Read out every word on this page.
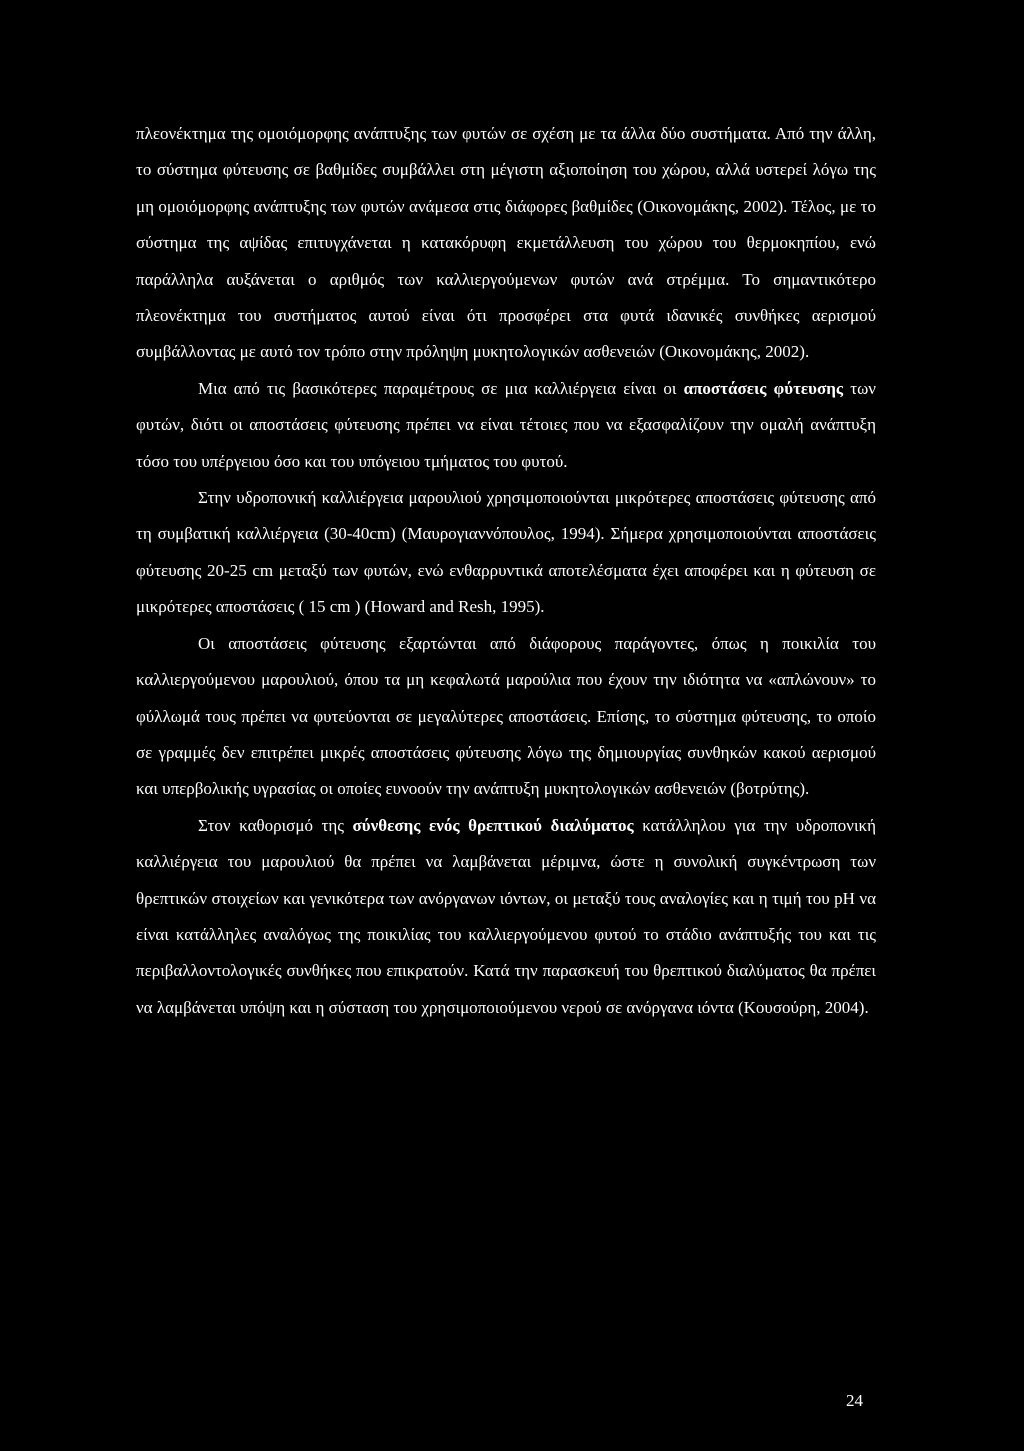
πλεονέκτημα της ομοιόμορφης ανάπτυξης των φυτών σε σχέση με τα άλλα δύο συστήματα. Από την άλλη, το σύστημα φύτευσης σε βαθμίδες συμβάλλει στη μέγιστη αξιοποίηση του χώρου, αλλά υστερεί λόγω της μη ομοιόμορφης ανάπτυξης των φυτών ανάμεσα στις διάφορες βαθμίδες (Οικονομάκης, 2002). Τέλος, με το σύστημα της αψίδας επιτυγχάνεται η κατακόρυφη εκμετάλλευση του χώρου του θερμοκηπίου, ενώ παράλληλα αυξάνεται ο αριθμός των καλλιεργούμενων φυτών ανά στρέμμα. Το σημαντικότερο πλεονέκτημα του συστήματος αυτού είναι ότι προσφέρει στα φυτά ιδανικές συνθήκες αερισμού συμβάλλοντας με αυτό τον τρόπο στην πρόληψη μυκητολογικών ασθενειών (Οικονομάκης, 2002).

Μια από τις βασικότερες παραμέτρους σε μια καλλιέργεια είναι οι αποστάσεις φύτευσης των φυτών, διότι οι αποστάσεις φύτευσης πρέπει να είναι τέτοιες που να εξασφαλίζουν την ομαλή ανάπτυξη τόσο του υπέργειου όσο και του υπόγειου τμήματος του φυτού.

Στην υδροπονική καλλιέργεια μαρουλιού χρησιμοποιούνται μικρότερες αποστάσεις φύτευσης από τη συμβατική καλλιέργεια (30-40cm) (Μαυρογιαννόπουλος, 1994). Σήμερα χρησιμοποιούνται αποστάσεις φύτευσης 20-25 cm μεταξύ των φυτών, ενώ ενθαρρυντικά αποτελέσματα έχει αποφέρει και η φύτευση σε μικρότερες αποστάσεις ( 15 cm ) (Howard and Resh, 1995).

Οι αποστάσεις φύτευσης εξαρτώνται από διάφορους παράγοντες, όπως η ποικιλία του καλλιεργούμενου μαρουλιού, όπου τα μη κεφαλωτά μαρούλια που έχουν την ιδιότητα να «απλώνουν» το φύλλωμά τους πρέπει να φυτεύονται σε μεγαλύτερες αποστάσεις. Επίσης, το σύστημα φύτευσης, το οποίο σε γραμμές δεν επιτρέπει μικρές αποστάσεις φύτευσης λόγω της δημιουργίας συνθηκών κακού αερισμού και υπερβολικής υγρασίας οι οποίες ευνοούν την ανάπτυξη μυκητολογικών ασθενειών (βοτρύτης).

Στον καθορισμό της σύνθεσης ενός θρεπτικού διαλύματος κατάλληλου για την υδροπονική καλλιέργεια του μαρουλιού θα πρέπει να λαμβάνεται μέριμνα, ώστε η συνολική συγκέντρωση των θρεπτικών στοιχείων και γενικότερα των ανόργανων ιόντων, οι μεταξύ τους αναλογίες και η τιμή του pH να είναι κατάλληλες αναλόγως της ποικιλίας του καλλιεργούμενου φυτού το στάδιο ανάπτυξής του και τις περιβαλλοντολογικές συνθήκες που επικρατούν. Κατά την παρασκευή του θρεπτικού διαλύματος θα πρέπει να λαμβάνεται υπόψη και η σύσταση του χρησιμοποιούμενου νερού σε ανόργανα ιόντα (Κουσούρη, 2004).

24
